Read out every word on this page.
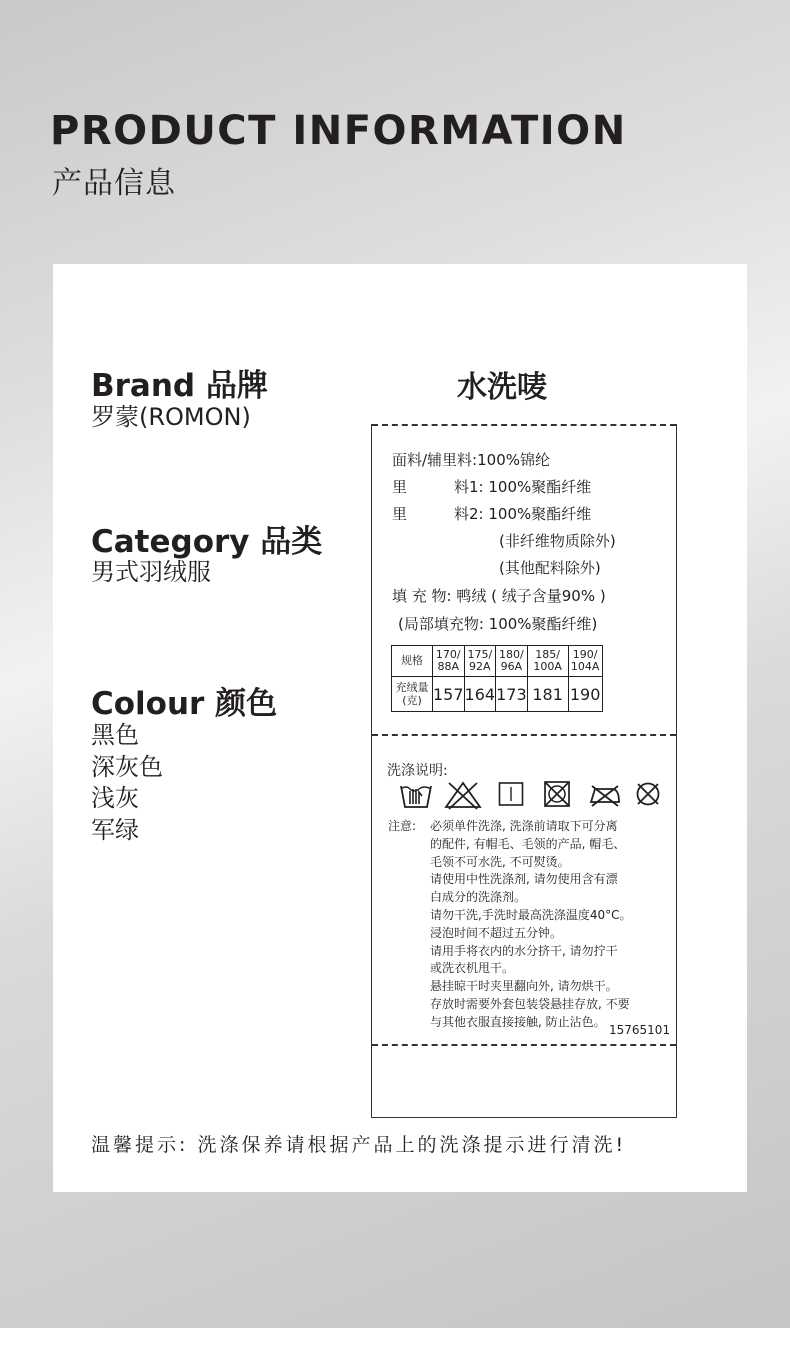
PRODUCT INFORMATION
产品信息
Brand 品牌
罗蒙(ROMON)
Category 品类
男式羽绒服
Colour 颜色
黑色
深灰色
浅灰
军绿
水洗唛
面料/辅里料:100%锦纶
里	料1: 100%聚酯纤维
里	料2: 100%聚酯纤维
(非纤维物质除外)
(其他配料除外)
填 充 物: 鸭绒 ( 绒子含量90% )
(局部填充物: 100%聚酯纤维)
规格	170/ 88A	175/ 92A	180/ 96A	185/ 100A	190/ 104A
充绒量 (克)	157	164	173	181	190
洗涤说明:
注意: 必须单件洗涤, 洗涤前请取下可分离
的配件, 有帽毛、毛领的产品, 帽毛、
毛领不可水洗, 不可熨烫。
请使用中性洗涤剂, 请勿使用含有漂
白成分的洗涤剂。
请勿干洗,手洗时最高洗涤温度40°C。
浸泡时间不超过五分钟。
请用手将衣内的水分挤干, 请勿拧干
或洗衣机甩干。
悬挂晾干时夹里翻向外, 请勿烘干。
存放时需要外套包装袋悬挂存放, 不要
与其他衣服直接接触, 防止沾色。
15765101
温馨提示: 洗涤保养请根据产品上的洗涤提示进行清洗!
